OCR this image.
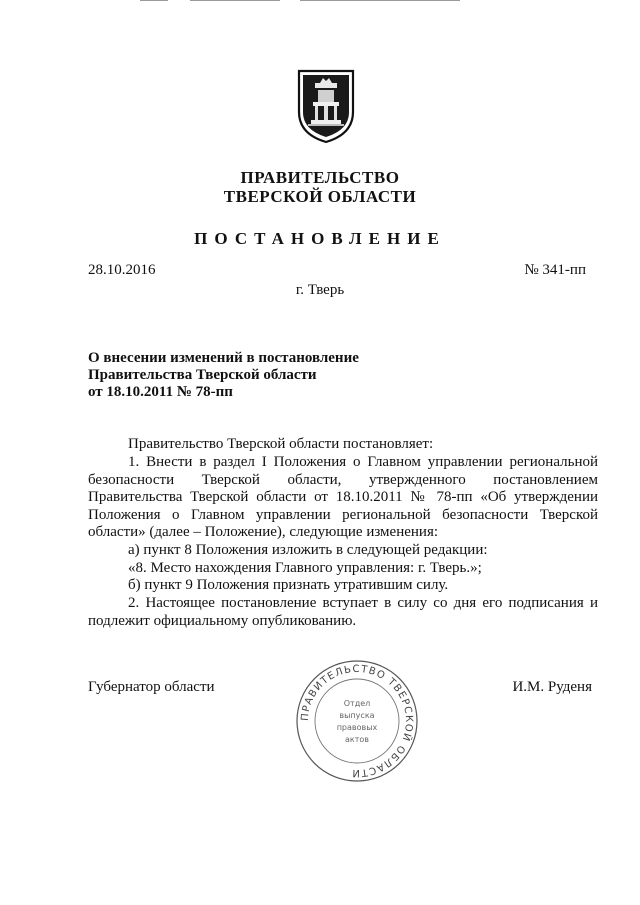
ПРАВИТЕЛЬСТВО
ТВЕРСКОЙ ОБЛАСТИ
ПОСТАНОВЛЕНИЕ
28.10.2016	№ 341-пп
г. Тверь
О внесении изменений в постановление
Правительства Тверской области
от 18.10.2011 № 78-пп
Правительство Тверской области постановляет:
1. Внести в раздел I Положения о Главном управлении региональной безопасности Тверской области, утвержденного постановлением Правительства Тверской области от 18.10.2011 № 78-пп «Об утверждении Положения о Главном управлении региональной безопасности Тверской области» (далее – Положение), следующие изменения:
а) пункт 8 Положения изложить в следующей редакции:
«8. Место нахождения Главного управления: г. Тверь.»;
б) пункт 9 Положения признать утратившим силу.
2. Настоящее постановление вступает в силу со дня его подписания и подлежит официальному опубликованию.
Губернатор области	И.М. Руденя
ПРАВИТЕЛЬСТВО ТВЕРСКОЙ ОБЛАСТИ
Отдел
выпуска
правовых
актов
